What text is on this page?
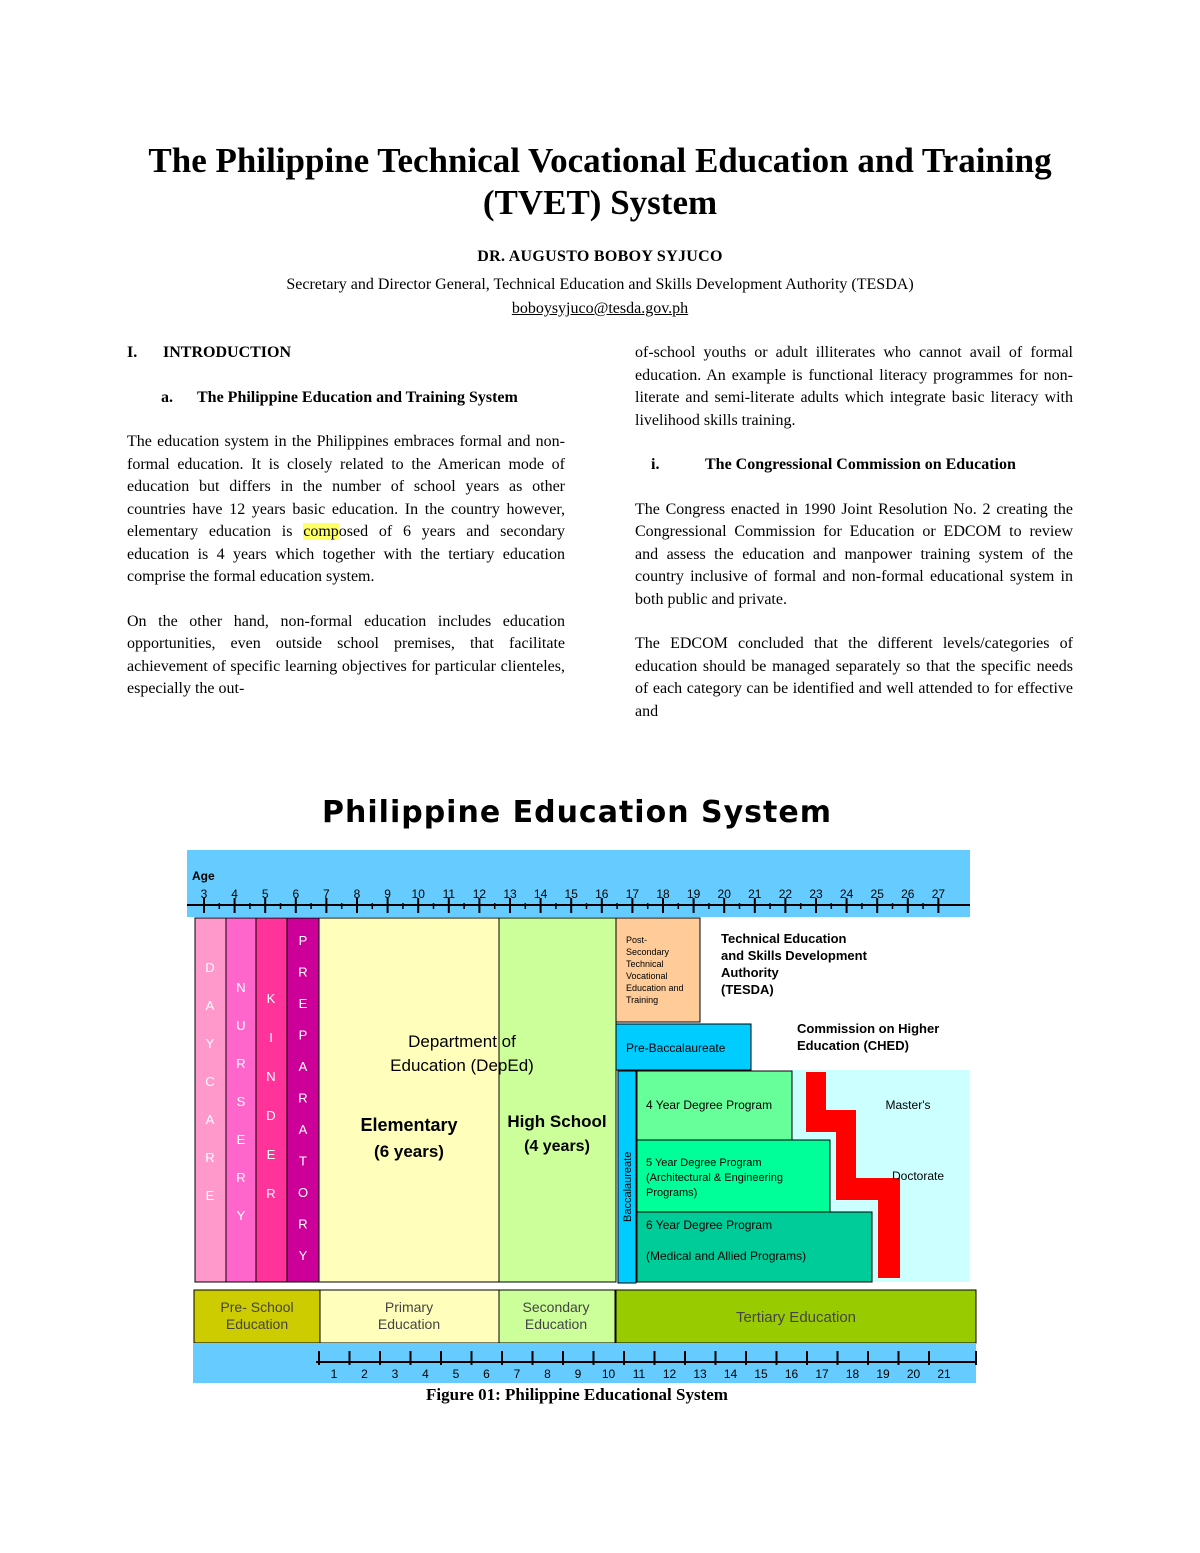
The Philippine Technical Vocational Education and Training
(TVET) System
DR. AUGUSTO BOBOY SYJUCO
Secretary and Director General, Technical Education and Skills Development Authority (TESDA)
boboysyjuco@tesda.gov.ph
I.	INTRODUCTION
a.	The Philippine Education and Training System

The education system in the Philippines embraces formal and non-formal education. It is closely related to the American mode of education but differs in the number of school years as other countries have 12 years basic education. In the country however, elementary education is composed of 6 years and secondary education is 4 years which together with the tertiary education comprise the formal education system.

On the other hand, non-formal education includes education opportunities, even outside school premises, that facilitate achievement of specific learning objectives for particular clienteles, especially the out-

of-school youths or adult illiterates who cannot avail of formal education. An example is functional literacy programmes for non-literate and semi-literate adults which integrate basic literacy with livelihood skills training.

i.	The Congressional Commission on Education

The Congress enacted in 1990 Joint Resolution No. 2 creating the Congressional Commission for Education or EDCOM to review and assess the education and manpower training system of the country inclusive of formal and non-formal educational system in both public and private.

The EDCOM concluded that the different levels/categories of education should be managed separately so that the specific needs of each category can be identified and well attended to for effective and

Philippine Education System
Age
3 4 5 6 7 8 9 10 11 12 13 14 15 16 17 18 19 20 21 22 23 24 25 26 27
D
A
Y
C
A
R
E
N
U
R
S
E
R
Y
K
I
N
D
E
R
P
R
E
P
A
R
A
T
O
R
Y
Department of
Education (DepEd)
Elementary
(6 years)
High School
(4 years)
Post-
Secondary
Technical
Vocational
Education and
Training
Technical Education
and Skills Development
Authority
(TESDA)
Commission on Higher
Education (CHED)
Pre-Baccalaureate
Baccalaureate
4 Year Degree Program
5 Year Degree Program
(Architectural & Engineering
Programs)
6 Year Degree Program
(Medical and Allied Programs)
Master's
Doctorate
Pre- School
Education
Primary
Education
Secondary
Education	Tertiary Education
1 2 3 4 5 6 7 8 9 10 11 12 13 14 15 16 17 18 19 20 21
Figure 01: Philippine Educational System
